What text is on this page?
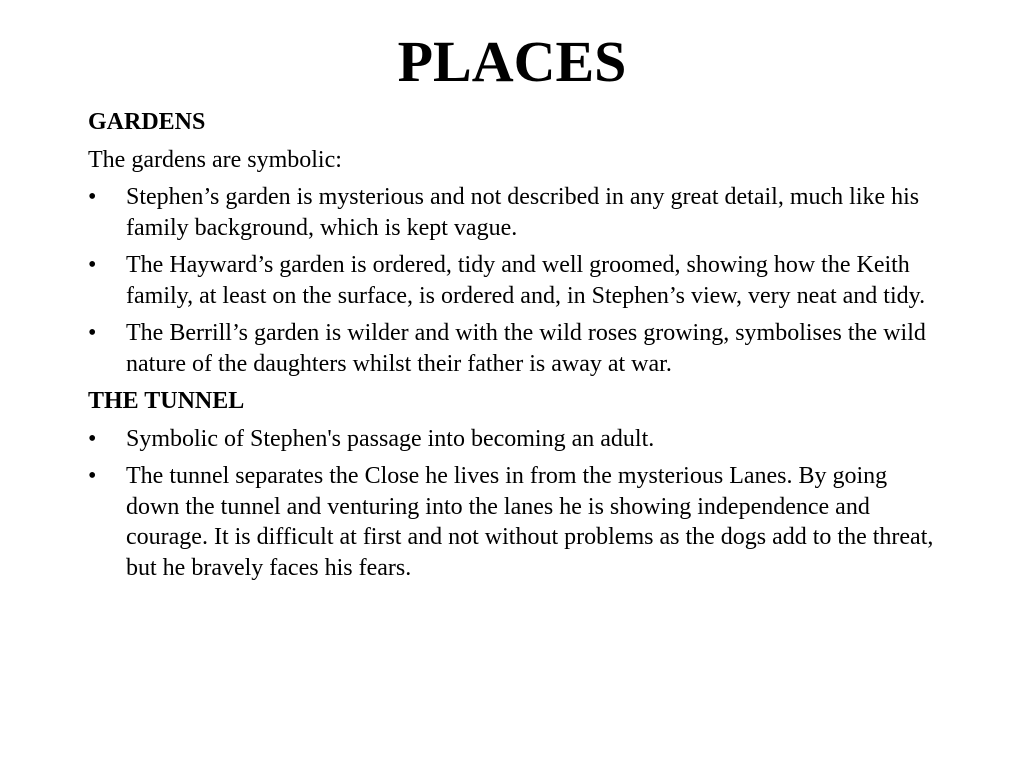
PLACES
GARDENS
The gardens are symbolic:
• Stephen’s garden is mysterious and not described in any great detail, much like his family background, which is kept vague.
• The Hayward’s garden is ordered, tidy and well groomed, showing how the Keith family, at least on the surface, is ordered and, in Stephen’s view, very neat and tidy.
• The Berrill’s garden is wilder and with the wild roses growing, symbolises the wild nature of the daughters whilst their father is away at war.
THE TUNNEL
• Symbolic of Stephen's passage into becoming an adult.
• The tunnel separates the Close he lives in from the mysterious Lanes. By going down the tunnel and venturing into the lanes he is showing independence and courage. It is difficult at first and not without problems as the dogs add to the threat, but he bravely faces his fears.
